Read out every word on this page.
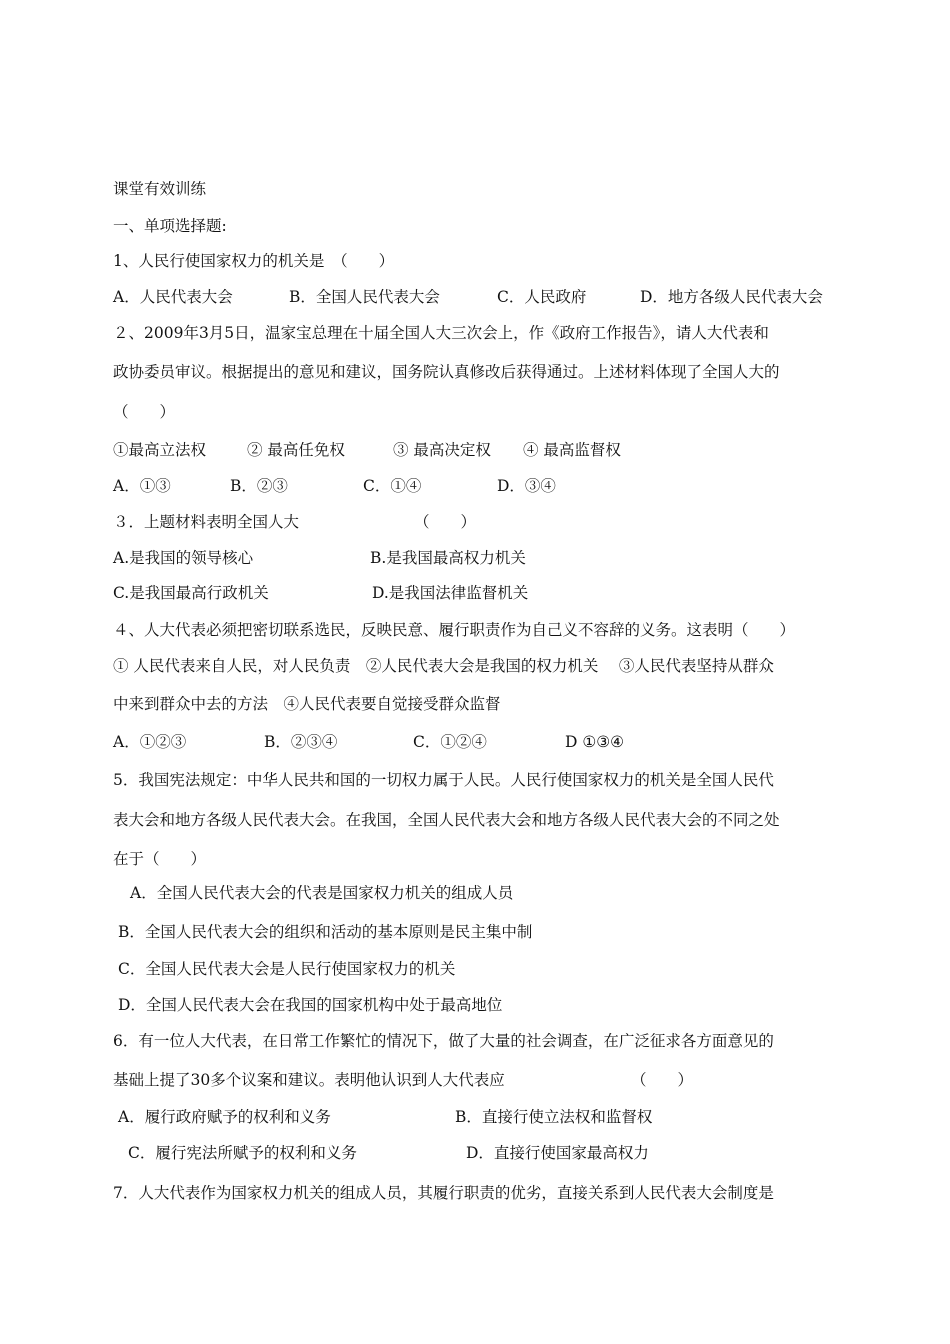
课堂有效训练
一、单项选择题:
1、人民行使国家权力的机关是　（　　）
A．人民代表大会	B．全国人民代表大会	C．人民政府	D．地方各级人民代表大会
２、2009年3月5日，温家宝总理在十届全国人大三次会上，作《政府工作报告》，请人大代表和
政协委员审议。根据提出的意见和建议，国务院认真修改后获得通过。上述材料体现了全国人大的
（　　）
①最高立法权	② 最高任免权	③ 最高决定权 ④ 最高监督权
A．①③	B．②③	C．①④	D．③④
３．上题材料表明全国人大	（　　）
A.是我国的领导核心	B.是我国最高权力机关
C.是我国最高行政机关	D.是我国法律监督机关
４、人大代表必须把密切联系选民，反映民意、履行职责作为自己义不容辞的义务。这表明（　　）
① 人民代表来自人民，对人民负责　②人民代表大会是我国的权力机关　 ③人民代表坚持从群众
中来到群众中去的方法　④人民代表要自觉接受群众监督
A．①②③	B．②③④	C．①②④	D ①③④
5．我国宪法规定：中华人民共和国的一切权力属于人民。人民行使国家权力的机关是全国人民代
表大会和地方各级人民代表大会。在我国，全国人民代表大会和地方各级人民代表大会的不同之处
在于（　　）
A．全国人民代表大会的代表是国家权力机关的组成人员
B．全国人民代表大会的组织和活动的基本原则是民主集中制
C．全国人民代表大会是人民行使国家权力的机关
D．全国人民代表大会在我国的国家机构中处于最高地位
6．有一位人大代表，在日常工作繁忙的情况下，做了大量的社会调查，在广泛征求各方面意见的
基础上提了30多个议案和建议。表明他认识到人大代表应	（　　）
A．履行政府赋予的权利和义务	B．直接行使立法权和监督权
C．履行宪法所赋予的权利和义务	D．直接行使国家最高权力
7．人大代表作为国家权力机关的组成人员，其履行职责的优劣，直接关系到人民代表大会制度是
